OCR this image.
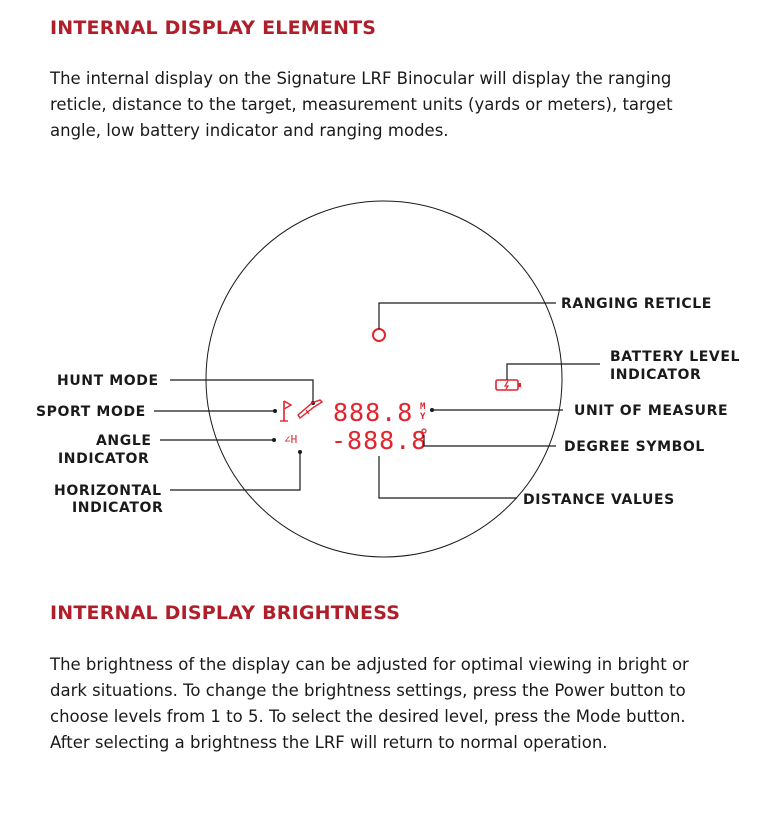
INTERNAL DISPLAY ELEMENTS

The internal display on the Signature LRF Binocular will display the ranging
reticle, distance to the target, measurement units (yards or meters), target
angle, low battery indicator and ranging modes.

RANGING RETICLE
BATTERY LEVEL
INDICATOR
HUNT MODE
SPORT MODE	888.8 M
Y	UNIT OF MEASURE
-888.8	DEGREE SYMBOL
ANGLE
INDICATOR
∠H
HORIZONTAL
INDICATOR	DISTANCE VALUES
INTERNAL DISPLAY BRIGHTNESS

The brightness of the display can be adjusted for optimal viewing in bright or
dark situations. To change the brightness settings, press the Power button to
choose levels from 1 to 5. To select the desired level, press the Mode button.
After selecting a brightness the LRF will return to normal operation.
